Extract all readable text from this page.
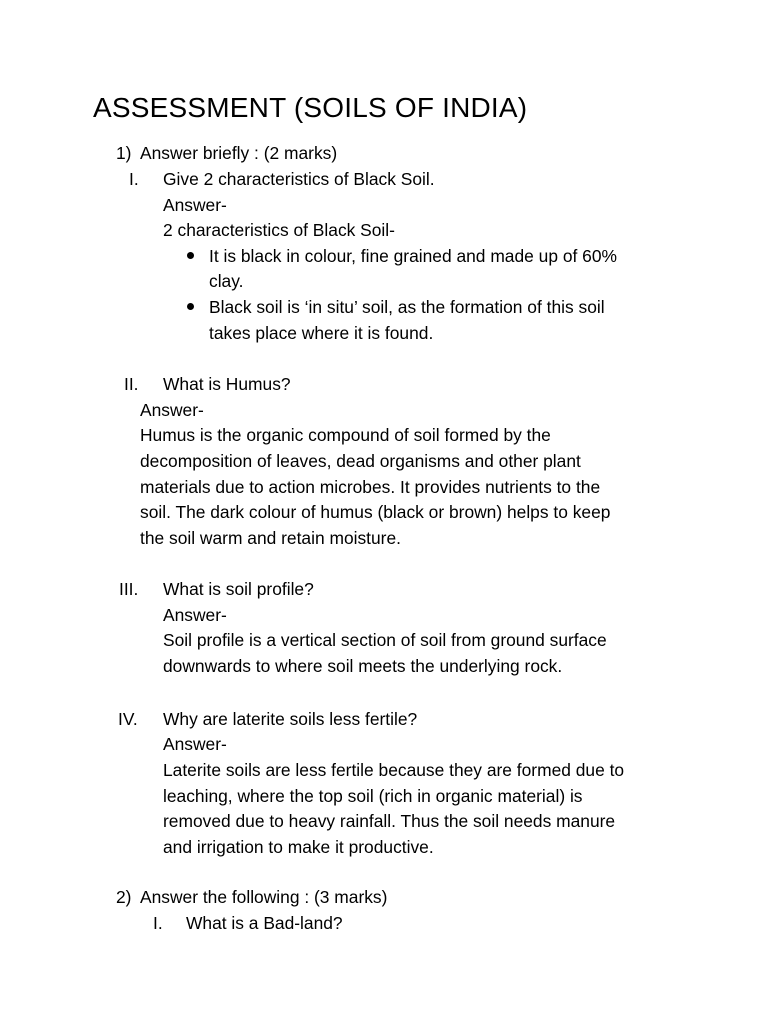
ASSESSMENT (SOILS OF INDIA)
1) Answer briefly : (2 marks)
I. Give 2 characteristics of Black Soil.
Answer-
2 characteristics of Black Soil-
It is black in colour, fine grained and made up of 60%
clay.
Black soil is ‘in situ’ soil, as the formation of this soil
takes place where it is found.
II. What is Humus?
Answer-
Humus is the organic compound of soil formed by the
decomposition of leaves, dead organisms and other plant
materials due to action microbes. It provides nutrients to the
soil. The dark colour of humus (black or brown) helps to keep
the soil warm and retain moisture.
III. What is soil profile?
Answer-
Soil profile is a vertical section of soil from ground surface
downwards to where soil meets the underlying rock.
IV. Why are laterite soils less fertile?
Answer-
Laterite soils are less fertile because they are formed due to
leaching, where the top soil (rich in organic material) is
removed due to heavy rainfall. Thus the soil needs manure
and irrigation to make it productive.
2) Answer the following : (3 marks)
I. What is a Bad-land?
